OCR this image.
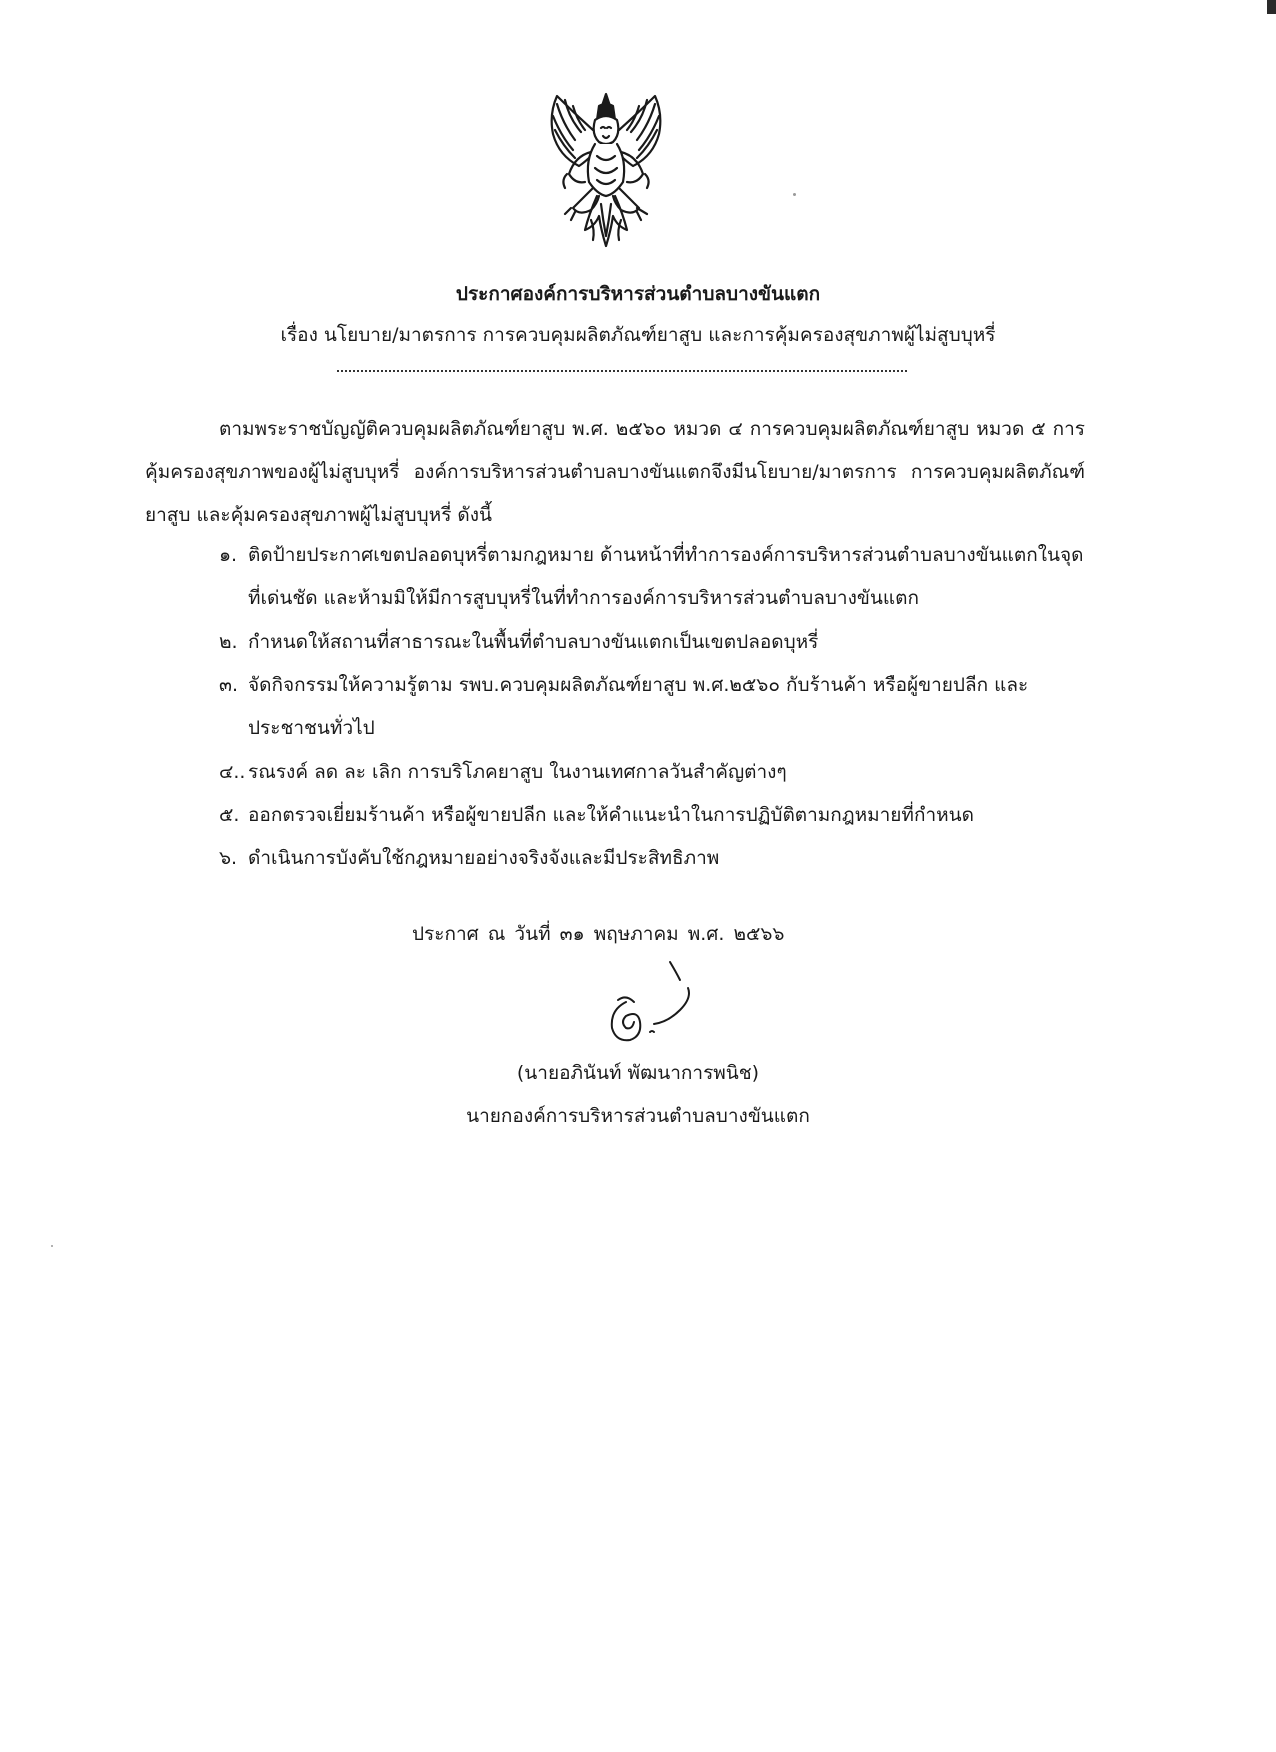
ประกาศองค์การบริหารส่วนตำบลบางขันแตก
เรื่อง นโยบาย/มาตรการ การควบคุมผลิตภัณฑ์ยาสูบ และการคุ้มครองสุขภาพผู้ไม่สูบบุหรี่
ตามพระราชบัญญัติควบคุมผลิตภัณฑ์ยาสูบ พ.ศ. ๒๕๖๐ หมวด ๔ การควบคุมผลิตภัณฑ์ยาสูบ หมวด ๕ การคุ้มครองสุขภาพของผู้ไม่สูบบุหรี่ องค์การบริหารส่วนตำบลบางขันแตกจึงมีนโยบาย/มาตรการ การควบคุมผลิตภัณฑ์ยาสูบ และคุ้มครองสุขภาพผู้ไม่สูบบุหรี่ ดังนี้
๑. ติดป้ายประกาศเขตปลอดบุหรี่ตามกฎหมาย ด้านหน้าที่ทำการองค์การบริหารส่วนตำบลบางขันแตกในจุดที่เด่นชัด และห้ามมิให้มีการสูบบุหรี่ในที่ทำการองค์การบริหารส่วนตำบลบางขันแตก
๒. กำหนดให้สถานที่สาธารณะในพื้นที่ตำบลบางขันแตกเป็นเขตปลอดบุหรี่
๓. จัดกิจกรรมให้ความรู้ตาม รพบ.ควบคุมผลิตภัณฑ์ยาสูบ พ.ศ.๒๕๖๐ กับร้านค้า หรือผู้ขายปลีก และประชาชนทั่วไป
๔.. รณรงค์ ลด ละ เลิก การบริโภคยาสูบ ในงานเทศกาลวันสำคัญต่างๆ
๕. ออกตรวจเยี่ยมร้านค้า หรือผู้ขายปลีก และให้คำแนะนำในการปฏิบัติตามกฎหมายที่กำหนด
๖. ดำเนินการบังคับใช้กฎหมายอย่างจริงจังและมีประสิทธิภาพ
ประกาศ ณ วันที่ ๓๑ พฤษภาคม พ.ศ. ๒๕๖๖
(นายอภินันท์ พัฒนาการพนิช)
นายกองค์การบริหารส่วนตำบลบางขันแตก
